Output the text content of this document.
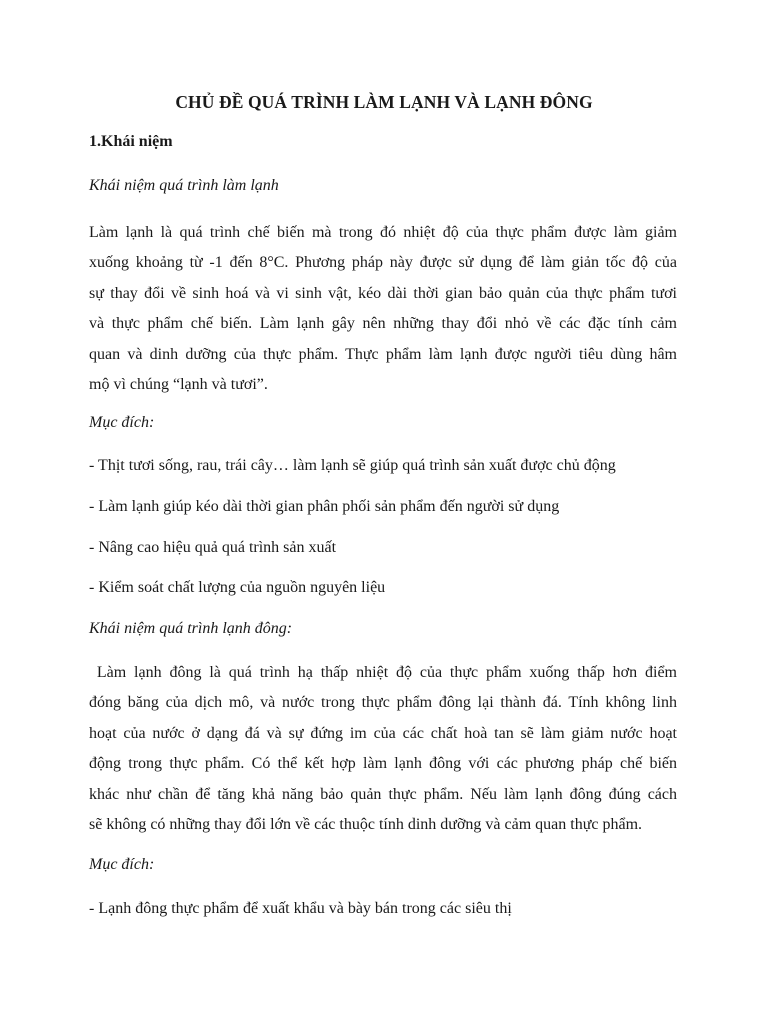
CHỦ ĐỀ QUÁ TRÌNH LÀM LẠNH VÀ LẠNH ĐÔNG
1.Khái niệm

Khái niệm quá trình làm lạnh

Làm lạnh là quá trình chế biến mà trong đó nhiệt độ của thực phẩm được làm giảm
xuống khoảng từ -1 đến 8°C. Phương pháp này được sử dụng để làm giản tốc độ của
sự thay đổi về sinh hoá và vi sinh vật, kéo dài thời gian bảo quản của thực phẩm tươi
và thực phẩm chế biến. Làm lạnh gây nên những thay đổi nhỏ về các đặc tính cảm
quan và dinh dưỡng của thực phẩm. Thực phẩm làm lạnh được người tiêu dùng hâm
mộ vì chúng “lạnh và tươi”.

Mục đích:

- Thịt tươi sống, rau, trái cây… làm lạnh sẽ giúp quá trình sản xuất được chủ động

- Làm lạnh giúp kéo dài thời gian phân phối sản phẩm đến người sử dụng

- Nâng cao hiệu quả quá trình sản xuất

- Kiểm soát chất lượng của nguồn nguyên liệu

Khái niệm quá trình lạnh đông:

Làm lạnh đông là quá trình hạ thấp nhiệt độ của thực phẩm xuống thấp hơn điểm
đóng băng của dịch mô, và nước trong thực phẩm đông lại thành đá. Tính không linh
hoạt của nước ở dạng đá và sự đứng im của các chất hoà tan sẽ làm giảm nước hoạt
động trong thực phẩm. Có thể kết hợp làm lạnh đông với các phương pháp chế biến
khác như chần để tăng khả năng bảo quản thực phẩm. Nếu làm lạnh đông đúng cách
sẽ không có những thay đổi lớn về các thuộc tính dinh dưỡng và cảm quan thực phẩm.

Mục đích:

- Lạnh đông thực phẩm để xuất khẩu và bày bán trong các siêu thị
